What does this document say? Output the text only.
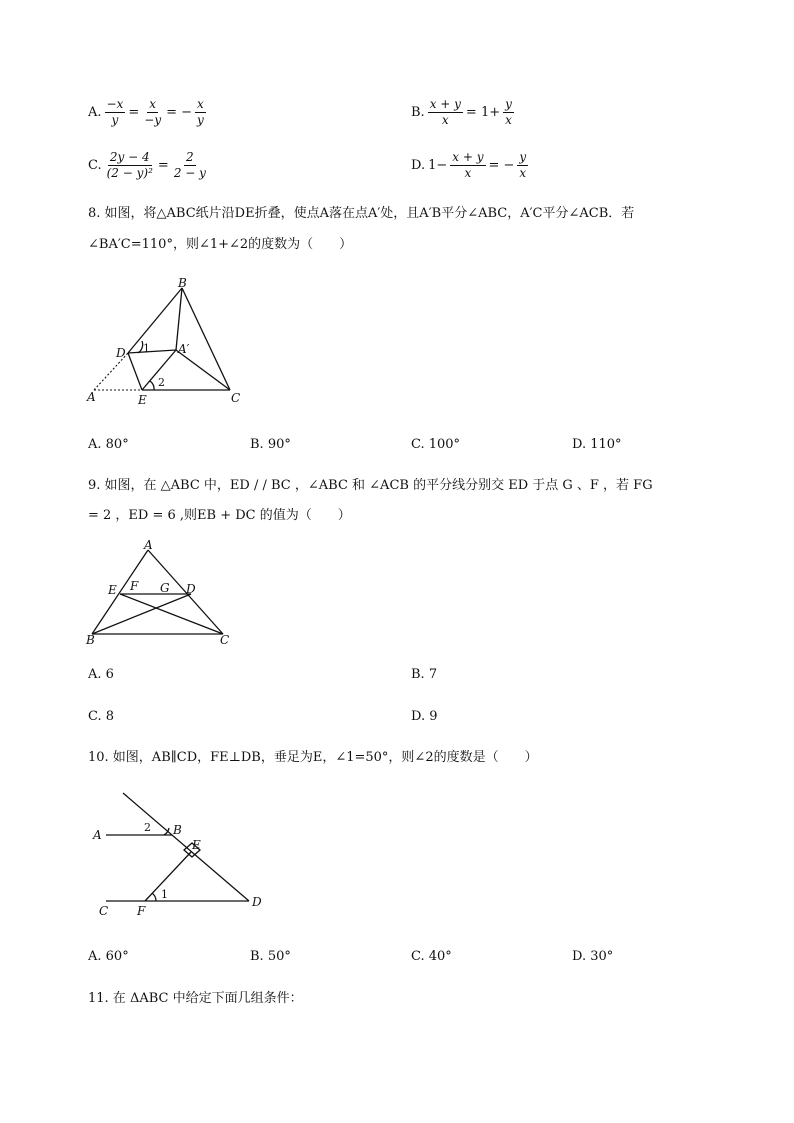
A. $\frac{-x}{y} = \frac{x}{-y}$ = − $\frac{x}{y}$	B. $\frac{x + y}{x} = 1+ \frac{y}{x}$
C. $\frac{2y - 4}{\text{(2 − y)²}} = \frac{2}{2 - y}$	D. $1- \frac{x + y}{x}$ = − $\frac{y}{x}$
8. 如图，将△ABC纸片沿DE折叠，使点A落在点A′处，且A′B平分∠ABC，A′C平分∠ACB．若
∠BA′C=110°，则∠1+∠2的度数为（　　）
B
D	A′
A	E	C
1
2
A. 80°	B. 90°	C. 100°	D. 110°
9. 如图，在 △ABC 中，ED / / BC ，∠ABC 和 ∠ACB 的平分线分别交 ED 于点 G 、F ，若 FG
= 2 ，ED = 6 ,则EB + DC 的值为（　　）
A
E F G D
B	C
A. 6	B. 7
C. 8	D. 9
10. 如图，AB∥CD，FE⊥DB，垂足为E，∠1=50°，则∠2的度数是（　　）
A	B
E
C F
D
2
1
A. 60°	B. 50°	C. 40°	D. 30°
11. 在 ΔABC 中给定下面几组条件：
